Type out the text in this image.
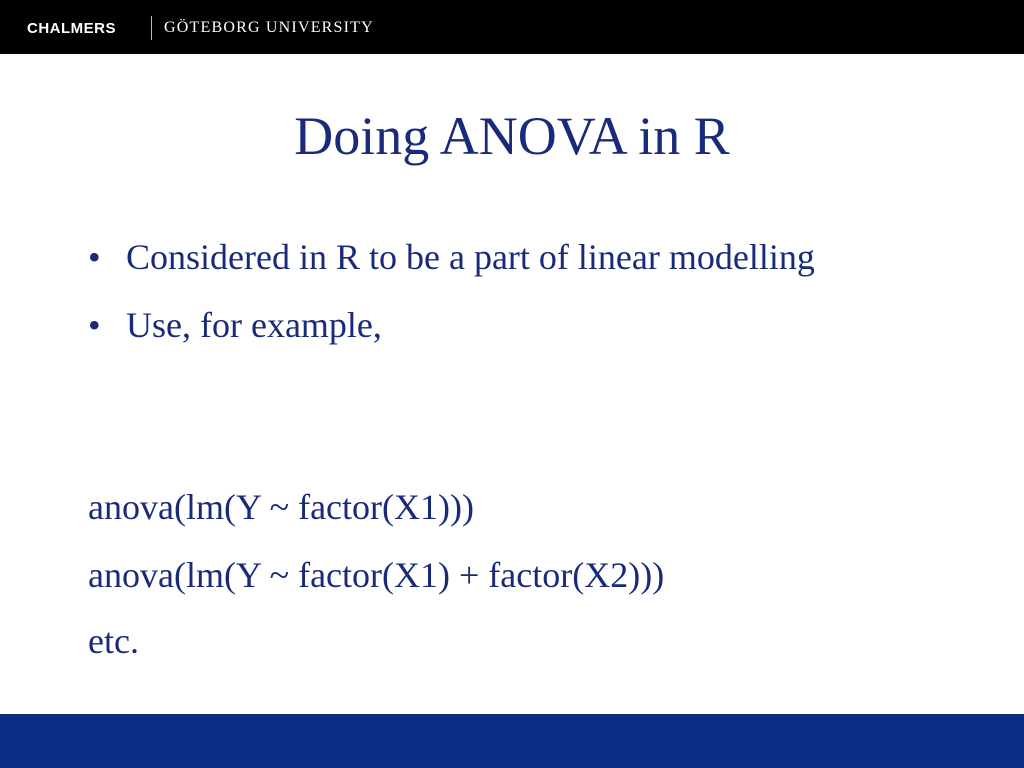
CHALMERS	GÖTEBORG UNIVERSITY
Doing ANOVA in R
• Considered in R to be a part of linear modelling
• Use, for example,
anova(lm(Y ~ factor(X1)))
anova(lm(Y ~ factor(X1) + factor(X2)))
etc.
